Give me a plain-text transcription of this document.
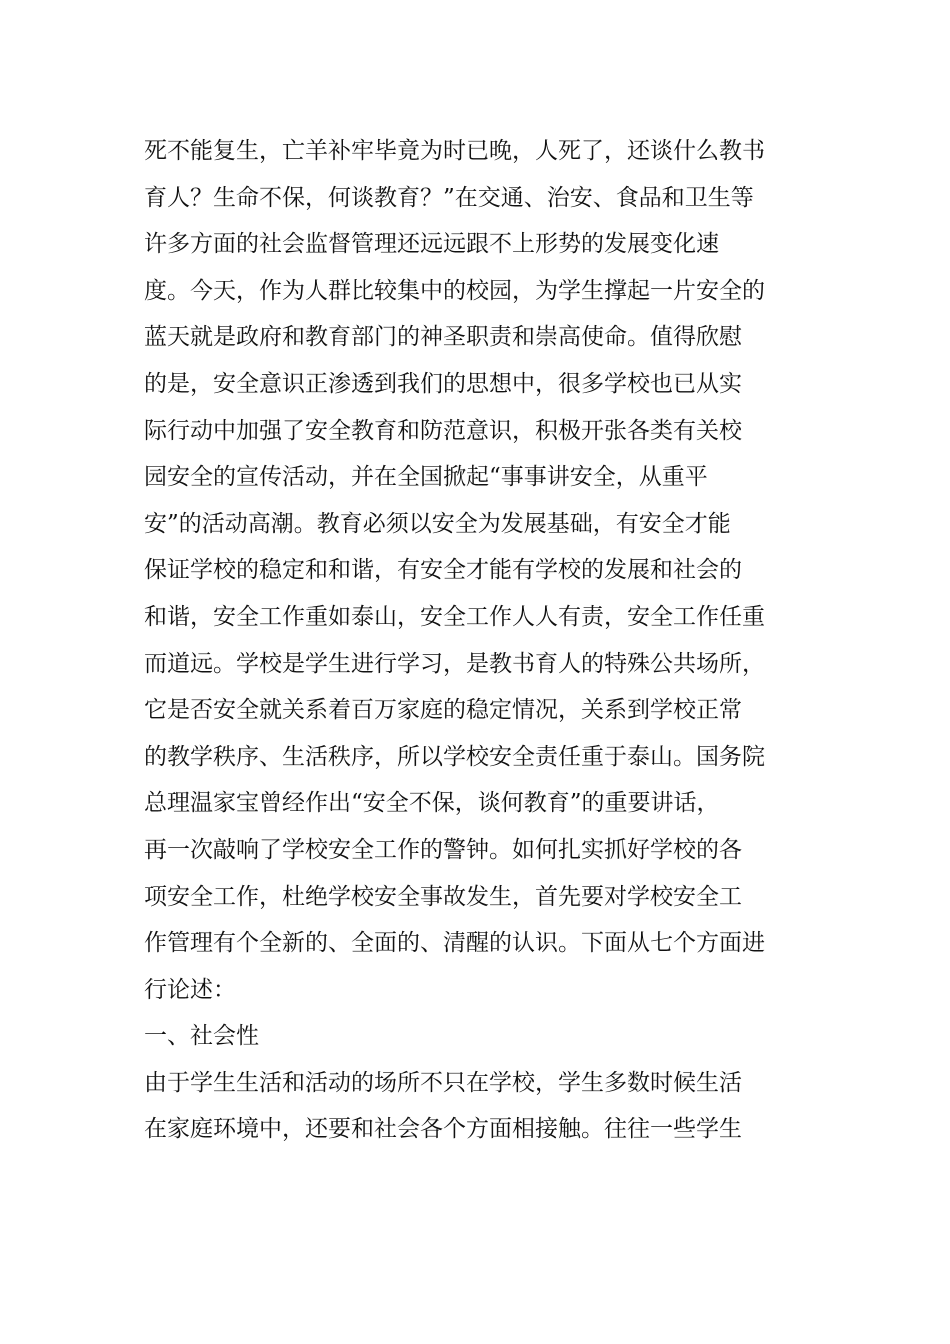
死不能复生，亡羊补牢毕竟为时已晚，人死了，还谈什么教书
育人？生命不保，何谈教育？”在交通、治安、食品和卫生等
许多方面的社会监督管理还远远跟不上形势的发展变化速
度。今天，作为人群比较集中的校园，为学生撑起一片安全的
蓝天就是政府和教育部门的神圣职责和崇高使命。值得欣慰
的是，安全意识正渗透到我们的思想中，很多学校也已从实
际行动中加强了安全教育和防范意识，积极开张各类有关校
园安全的宣传活动，并在全国掀起“事事讲安全，从重平
安”的活动高潮。教育必须以安全为发展基础，有安全才能
保证学校的稳定和和谐，有安全才能有学校的发展和社会的
和谐，安全工作重如泰山，安全工作人人有责，安全工作任重
而道远。学校是学生进行学习，是教书育人的特殊公共场所，
它是否安全就关系着百万家庭的稳定情况，关系到学校正常
的教学秩序、生活秩序，所以学校安全责任重于泰山。国务院
总理温家宝曾经作出“安全不保，谈何教育”的重要讲话，
再一次敲响了学校安全工作的警钟。如何扎实抓好学校的各
项安全工作，杜绝学校安全事故发生，首先要对学校安全工
作管理有个全新的、全面的、清醒的认识。下面从七个方面进
行论述：
一、社会性
由于学生生活和活动的场所不只在学校，学生多数时候生活
在家庭环境中，还要和社会各个方面相接触。往往一些学生
